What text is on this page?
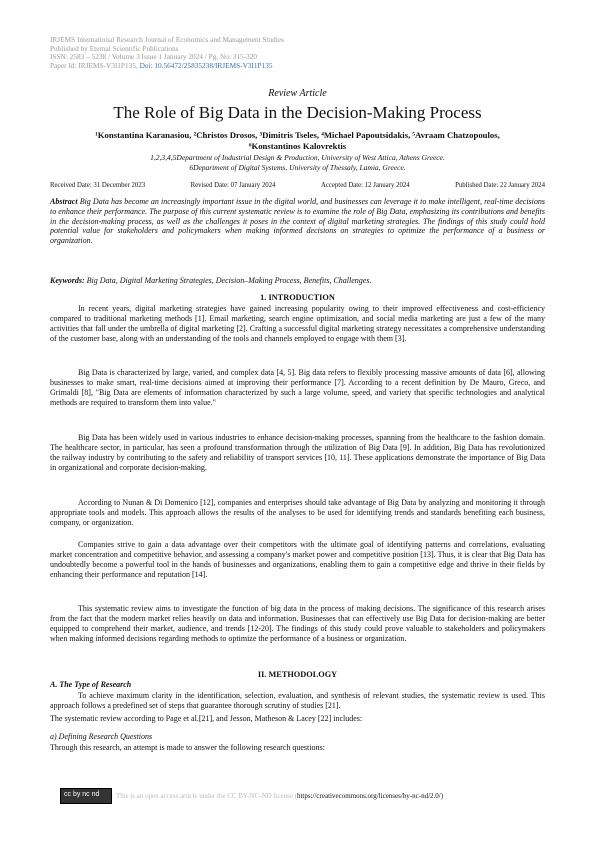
IRJEMS International Research Journal of Economics and Management Studies
Published by Eternal Scientific Publications
ISSN: 2583 – 5238 / Volume 3 Issue 1 January 2024 / Pg. No: 315-320
Paper Id: IRJEMS-V3I1P135, Doi: 10.56472/25835238/IRJEMS-V3I1P135
Review Article
The Role of Big Data in the Decision-Making Process
¹Konstantina Karanasiou, ²Christos Drosos, ³Dimitris Tseles, ⁴Michael Papoutsidakis, ⁵Avraam Chatzopoulos,
⁶Konstantinos Kalovrektis
1,2,3,4,5Department of Industrial Design & Production, University of West Attica, Athens Greece.
6Department of Digital Systems, University of Thessaly, Lamia, Greece.
Received Date: 31 December 2023	Revised Date: 07 January 2024	Accepted Date: 12 January 2024	Published Date: 22 January 2024
Abstract Big Data has become an increasingly important issue in the digital world, and businesses can leverage it to make intelligent, real-time decisions to enhance their performance. The purpose of this current systematic review is to examine the role of Big Data, emphasizing its contributions and benefits in the decision-making process, as well as the challenges it poses in the context of digital marketing strategies. The findings of this study could hold potential value for stakeholders and policymakers when making informed decisions on strategies to optimize the performance of a business or organization.
Keywords: Big Data, Digital Marketing Strategies, Decision–Making Process, Benefits, Challenges.
1. INTRODUCTION
In recent years, digital marketing strategies have gained increasing popularity owing to their improved effectiveness and cost-efficiency compared to traditional marketing methods [1]. Email marketing, search engine optimization, and social media marketing are just a few of the many activities that fall under the umbrella of digital marketing [2]. Crafting a successful digital marketing strategy necessitates a comprehensive understanding of the customer base, along with an understanding of the tools and channels employed to engage with them [3].
Big Data is characterized by large, varied, and complex data [4, 5]. Big data refers to flexibly processing massive amounts of data [6], allowing businesses to make smart, real-time decisions aimed at improving their performance [7]. According to a recent definition by De Mauro, Greco, and Grimaldi [8], "Big Data are elements of information characterized by such a large volume, speed, and variety that specific technologies and analytical methods are required to transform them into value."
Big Data has been widely used in various industries to enhance decision-making processes, spanning from the healthcare to the fashion domain. The healthcare sector, in particular, has seen a profound transformation through the utilization of Big Data [9]. In addition, Big Data has revolutionized the railway industry by contributing to the safety and reliability of transport services [10, 11]. These applications demonstrate the importance of Big Data in organizational and corporate decision-making.
According to Nunan & Di Domenico [12], companies and enterprises should take advantage of Big Data by analyzing and monitoring it through appropriate tools and models. This approach allows the results of the analyses to be used for identifying trends and standards benefiting each business, company, or organization.
Companies strive to gain a data advantage over their competitors with the ultimate goal of identifying patterns and correlations, evaluating market concentration and competitive behavior, and assessing a company's market power and competitive position [13]. Thus, it is clear that Big Data has undoubtedly become a powerful tool in the hands of businesses and organizations, enabling them to gain a competitive edge and thrive in their fields by enhancing their performance and reputation [14].
This systematic review aims to investigate the function of big data in the process of making decisions. The significance of this research arises from the fact that the modern market relies heavily on data and information. Businesses that can effectively use Big Data for decision-making are better equipped to comprehend their market, audience, and trends [12-20]. The findings of this study could prove valuable to stakeholders and policymakers when making informed decisions regarding methods to optimize the performance of a business or organization.
II. METHODOLOGY
A. The Type of Research
To achieve maximum clarity in the identification, selection, evaluation, and synthesis of relevant studies, the systematic review is used. This approach follows a predefined set of steps that guarantee thorough scrutiny of studies [21].
The systematic review according to Page et al.[21], and Jesson, Matheson & Lacey [22] includes:
a) Defining Research Questions
Through this research, an attempt is made to answer the following research questions:
cc by nc nd This is an open access article under the CC BY-NC-ND license ( https://creativecommons.org/licenses/by-nc-nd/2.0/ )
